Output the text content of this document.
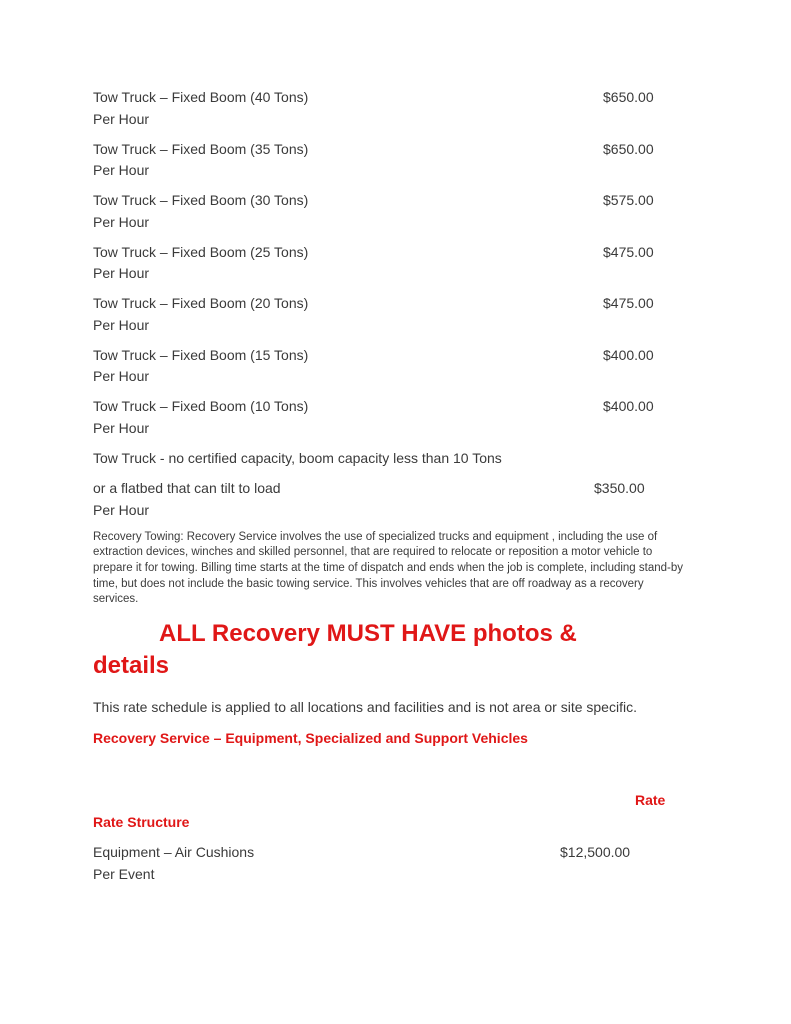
Tow Truck – Fixed Boom (40 Tons)	$650.00
Per Hour
Tow Truck – Fixed Boom (35 Tons)	$650.00
Per Hour
Tow Truck – Fixed Boom (30 Tons)	$575.00
Per Hour
Tow Truck – Fixed Boom (25 Tons)	$475.00
Per Hour
Tow Truck – Fixed Boom (20 Tons)	$475.00
Per Hour
Tow Truck – Fixed Boom (15 Tons)	$400.00
Per Hour
Tow Truck – Fixed Boom (10 Tons)	$400.00
Per Hour
Tow Truck - no certified capacity, boom capacity less than 10 Tons
or a flatbed that can tilt to load	$350.00
Per Hour

Recovery Towing: Recovery Service involves the use of specialized trucks and equipment , including the use of extraction devices, winches and skilled personnel, that are required to relocate or reposition a motor vehicle to prepare it for towing. Billing time starts at the time of dispatch and ends when the job is complete, including stand-by time, but does not include the basic towing service. This involves vehicles that are off roadway as a recovery services.

ALL Recovery MUST HAVE photos &
details

This rate schedule is applied to all locations and facilities and is not area or site specific.

Recovery Service – Equipment, Specialized and Support Vehicles
Rate
Rate Structure
Equipment – Air Cushions	$12,500.00
Per Event
